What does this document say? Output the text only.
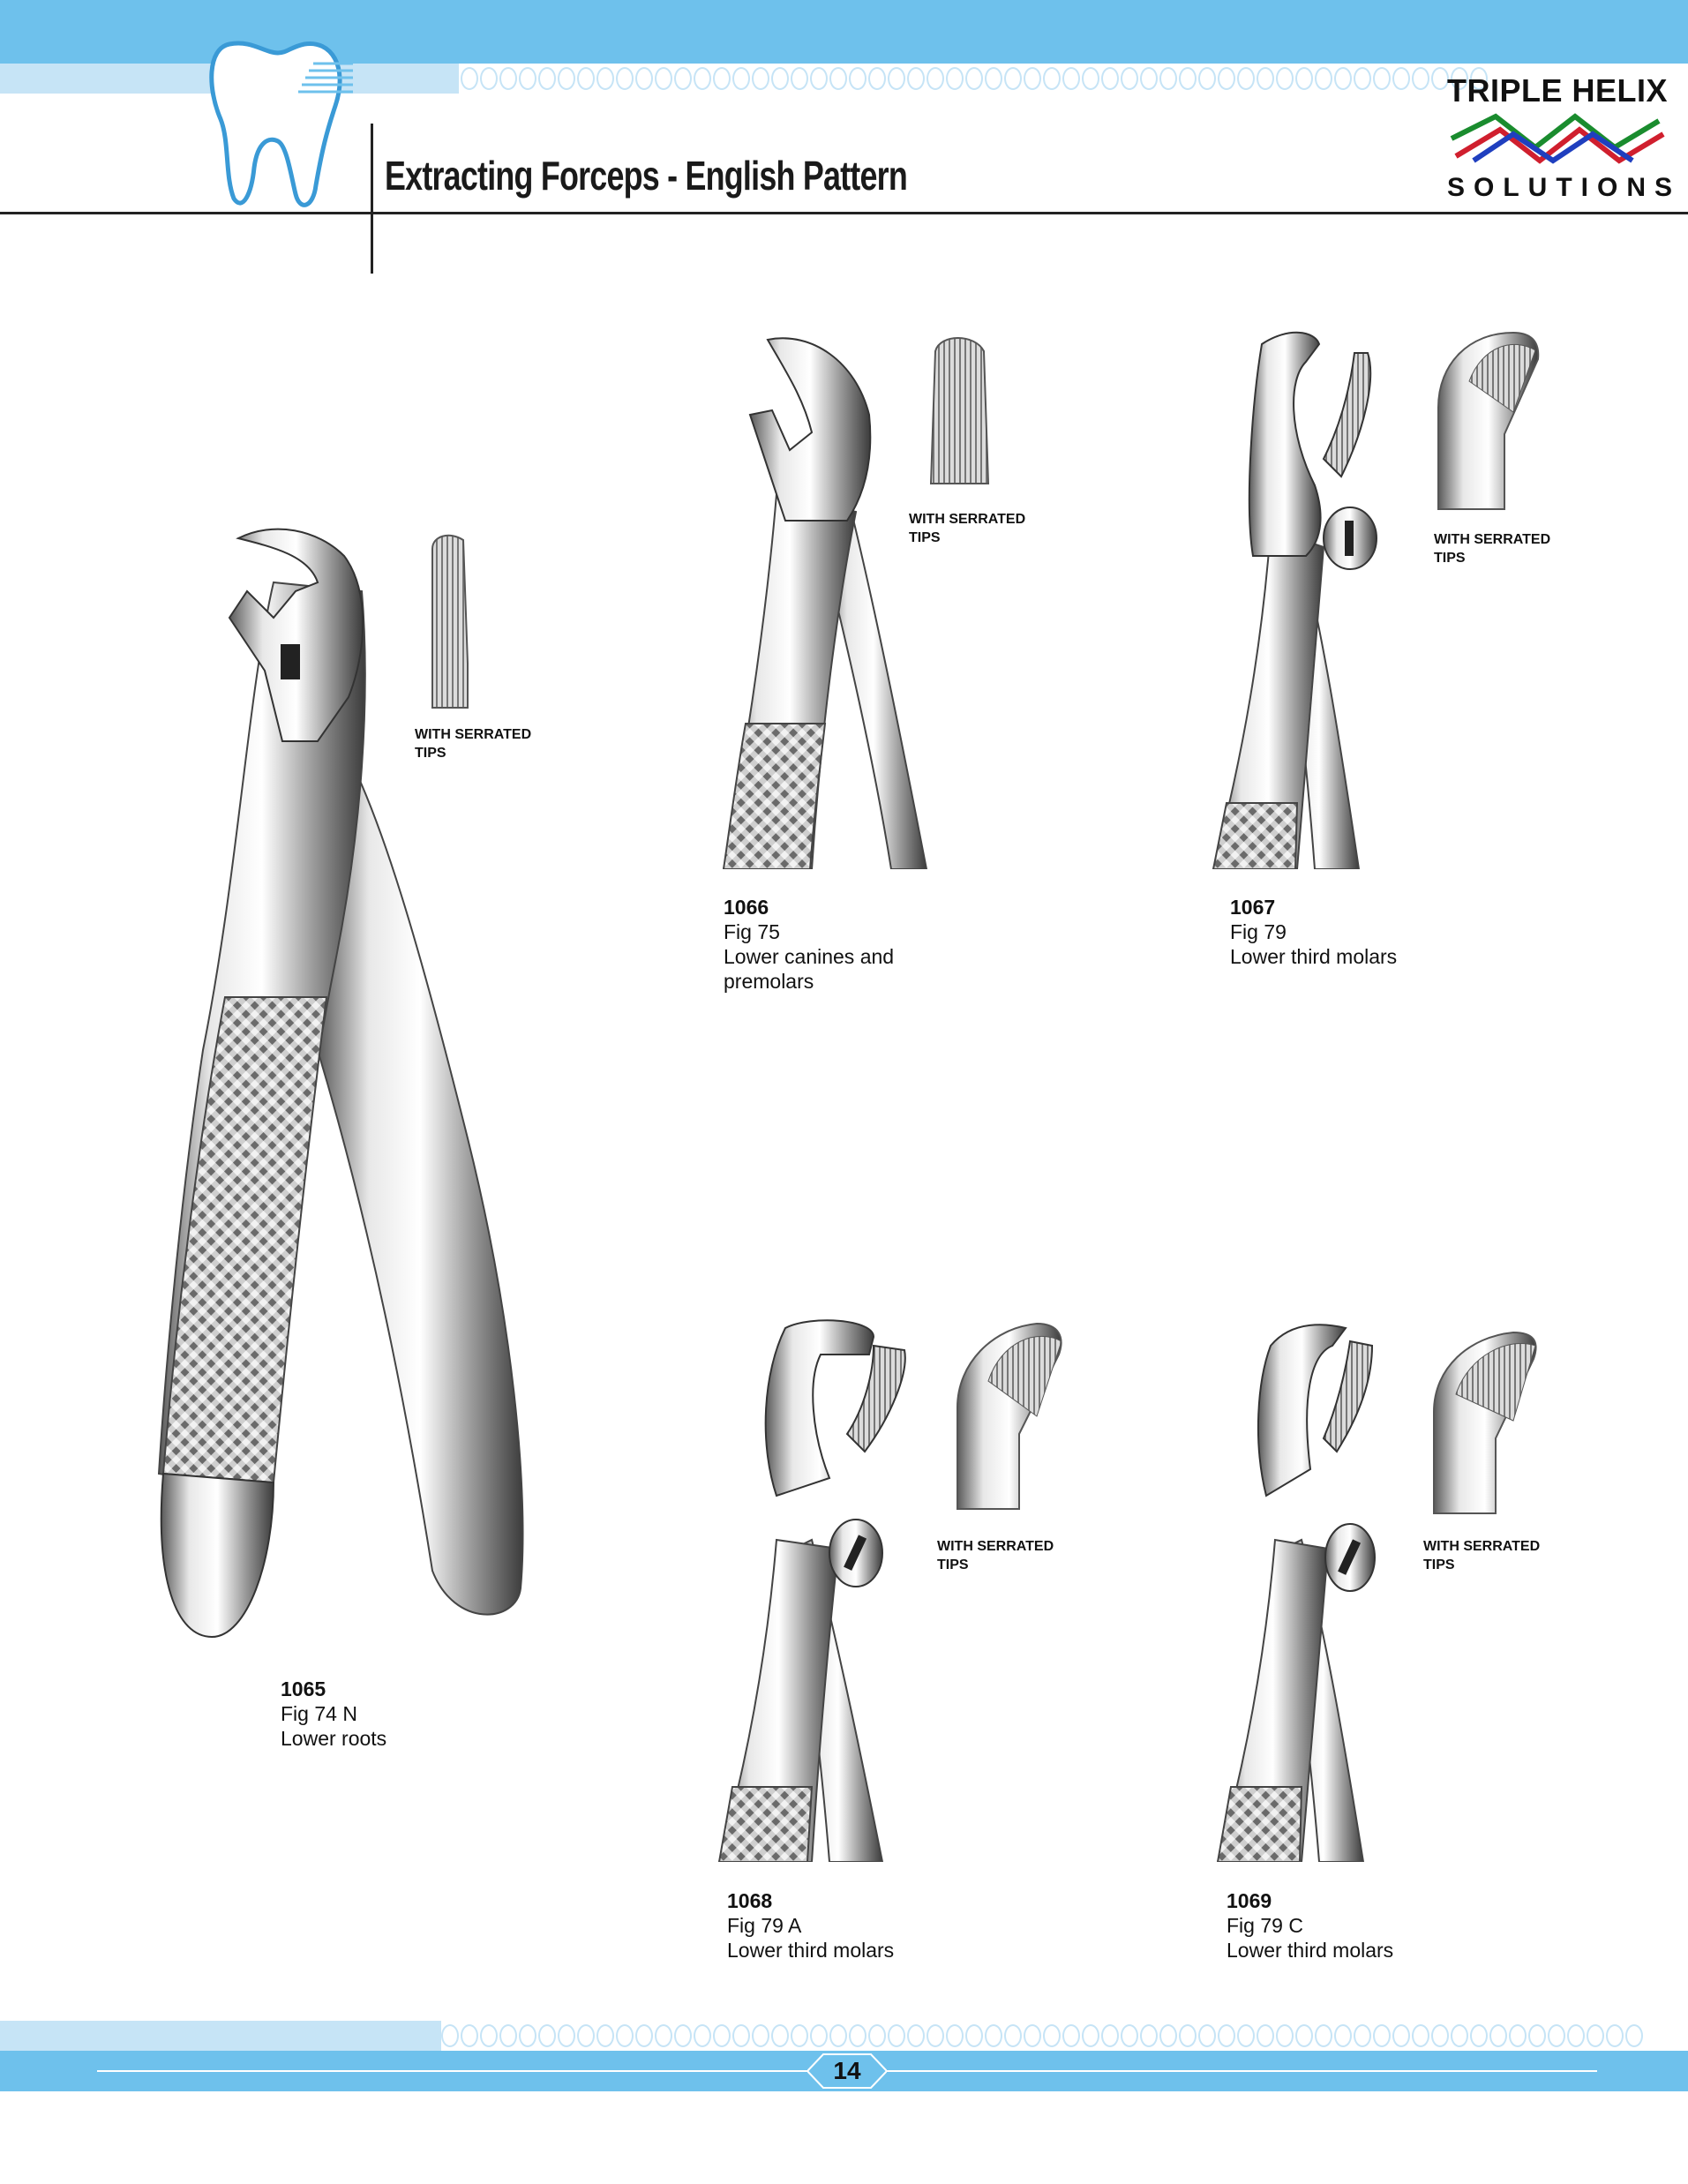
Extracting Forceps - English Pattern
TRIPLE HELIX
SOLUTIONS
WITH SERRATED
TIPS
1065
Fig 74 N
Lower roots
WITH SERRATED
TIPS
1066
Fig 75
Lower canines and
premolars
WITH SERRATED
TIPS
1067
Fig 79
Lower third molars
WITH SERRATED
TIPS
1068
Fig 79 A
Lower third molars
WITH SERRATED
TIPS
1069
Fig 79 C
Lower third molars
14
